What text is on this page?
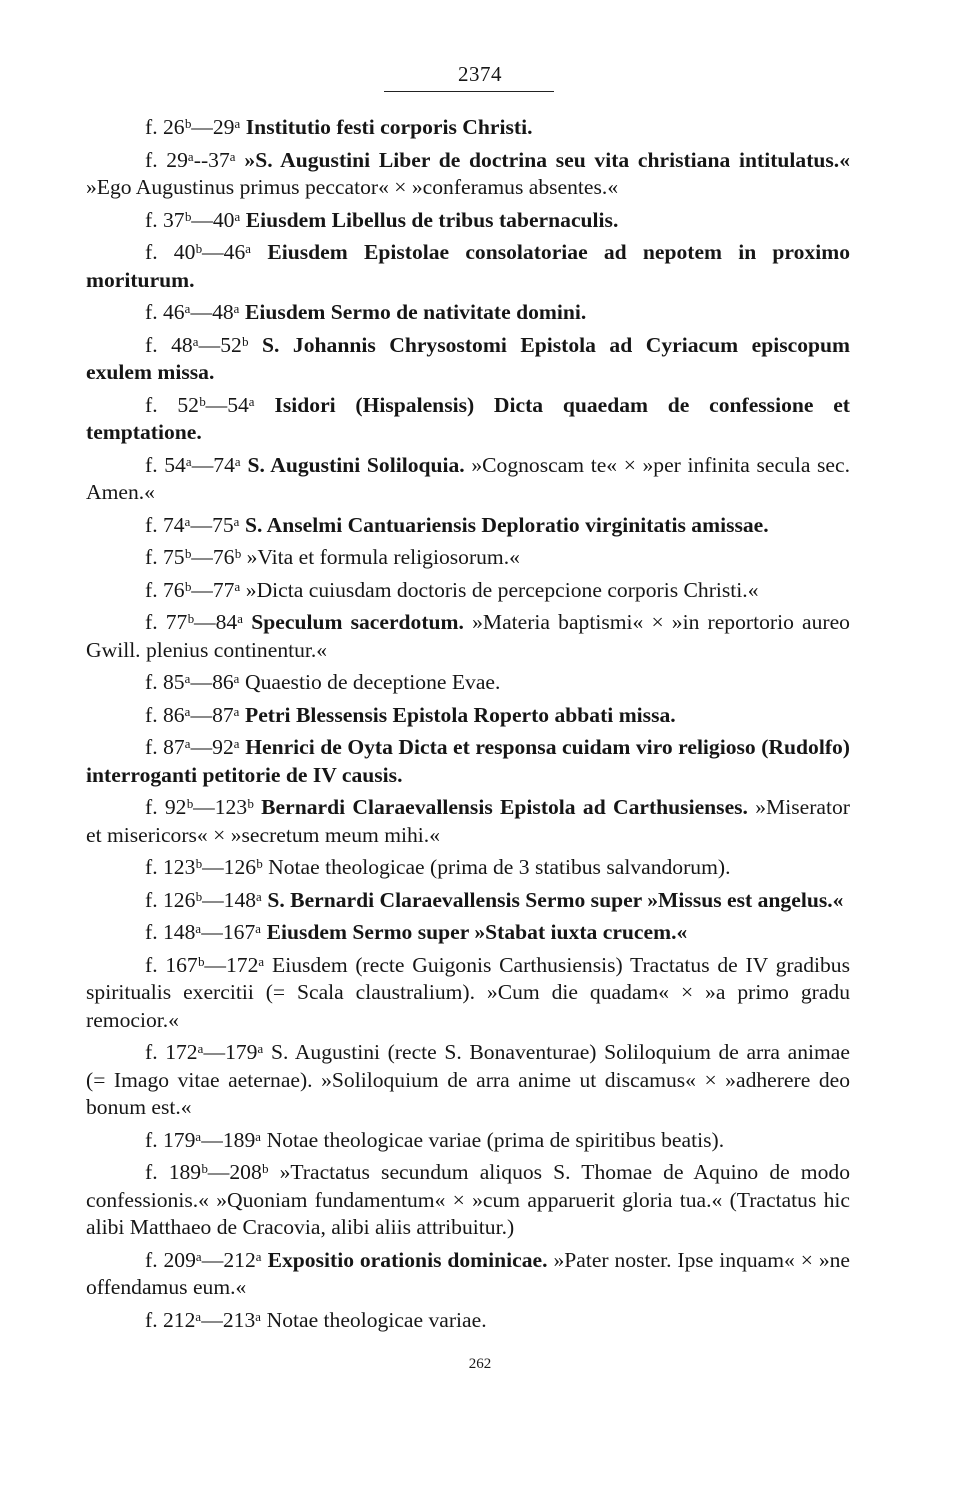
2374

f. 26ᵇ—29ᵃ Institutio festi corporis Christi.

f. 29ᵃ--37ᵃ »S. Augustini Liber de doctrina seu vita christiana intitulatus.« »Ego Augustinus primus peccator« × »conferamus absentes.«

f. 37ᵇ—40ᵃ Eiusdem Libellus de tribus tabernaculis.

f. 40ᵇ—46ᵃ Eiusdem Epistolae consolatoriae ad nepotem in proximo moriturum.

f. 46ᵃ—48ᵃ Eiusdem Sermo de nativitate domini.

f. 48ᵃ—52ᵇ S. Johannis Chrysostomi Epistola ad Cyriacum episcopum exulem missa.

f. 52ᵇ—54ᵃ Isidori (Hispalensis) Dicta quaedam de confessione et temptatione.

f. 54ᵃ—74ᵃ S. Augustini Soliloquia. »Cognoscam te« × »per infinita secula sec. Amen.«

f. 74ᵃ—75ᵃ S. Anselmi Cantuariensis Deploratio virginitatis amissae.

f. 75ᵇ—76ᵇ »Vita et formula religiosorum.«

f. 76ᵇ—77ᵃ »Dicta cuiusdam doctoris de percepcione corporis Christi.«

f. 77ᵇ—84ᵃ Speculum sacerdotum. »Materia baptismi« × »in reportorio aureo Gwill. plenius continentur.«

f. 85ᵃ—86ᵃ Quaestio de deceptione Evae.

f. 86ᵃ—87ᵃ Petri Blessensis Epistola Roperto abbati missa.

f. 87ᵃ—92ᵃ Henrici de Oyta Dicta et responsa cuidam viro religioso (Rudolfo) interroganti petitorie de IV causis.

f. 92ᵇ—123ᵇ Bernardi Claraevallensis Epistola ad Carthusienses. »Miserator et misericors« × »secretum meum mihi.«

f. 123ᵇ—126ᵇ Notae theologicae (prima de 3 statibus salvandorum).

f. 126ᵇ—148ᵃ S. Bernardi Claraevallensis Sermo super »Missus est angelus.«

f. 148ᵃ—167ᵃ Eiusdem Sermo super »Stabat iuxta crucem.«

f. 167ᵇ—172ᵃ Eiusdem (recte Guigonis Carthusiensis) Tractatus de IV gradibus spiritualis exercitii (= Scala claustralium). »Cum die quadam« × »a primo gradu remocior.«

f. 172ᵃ—179ᵃ S. Augustini (recte S. Bonaventurae) Soliloquium de arra animae (= Imago vitae aeternae). »Soliloquium de arra anime ut discamus« × »adherere deo bonum est.«

f. 179ᵃ—189ᵃ Notae theologicae variae (prima de spiritibus beatis).

f. 189ᵇ—208ᵇ »Tractatus secundum aliquos S. Thomae de Aquino de modo confessionis.« »Quoniam fundamentum« × »cum apparuerit gloria tua.« (Tractatus hic alibi Matthaeo de Cracovia, alibi aliis attribuitur.)

f. 209ᵃ—212ᵃ Expositio orationis dominicae. »Pater noster. Ipse inquam« × »ne offendamus eum.«

f. 212ᵃ—213ᵃ Notae theologicae variae.

262
